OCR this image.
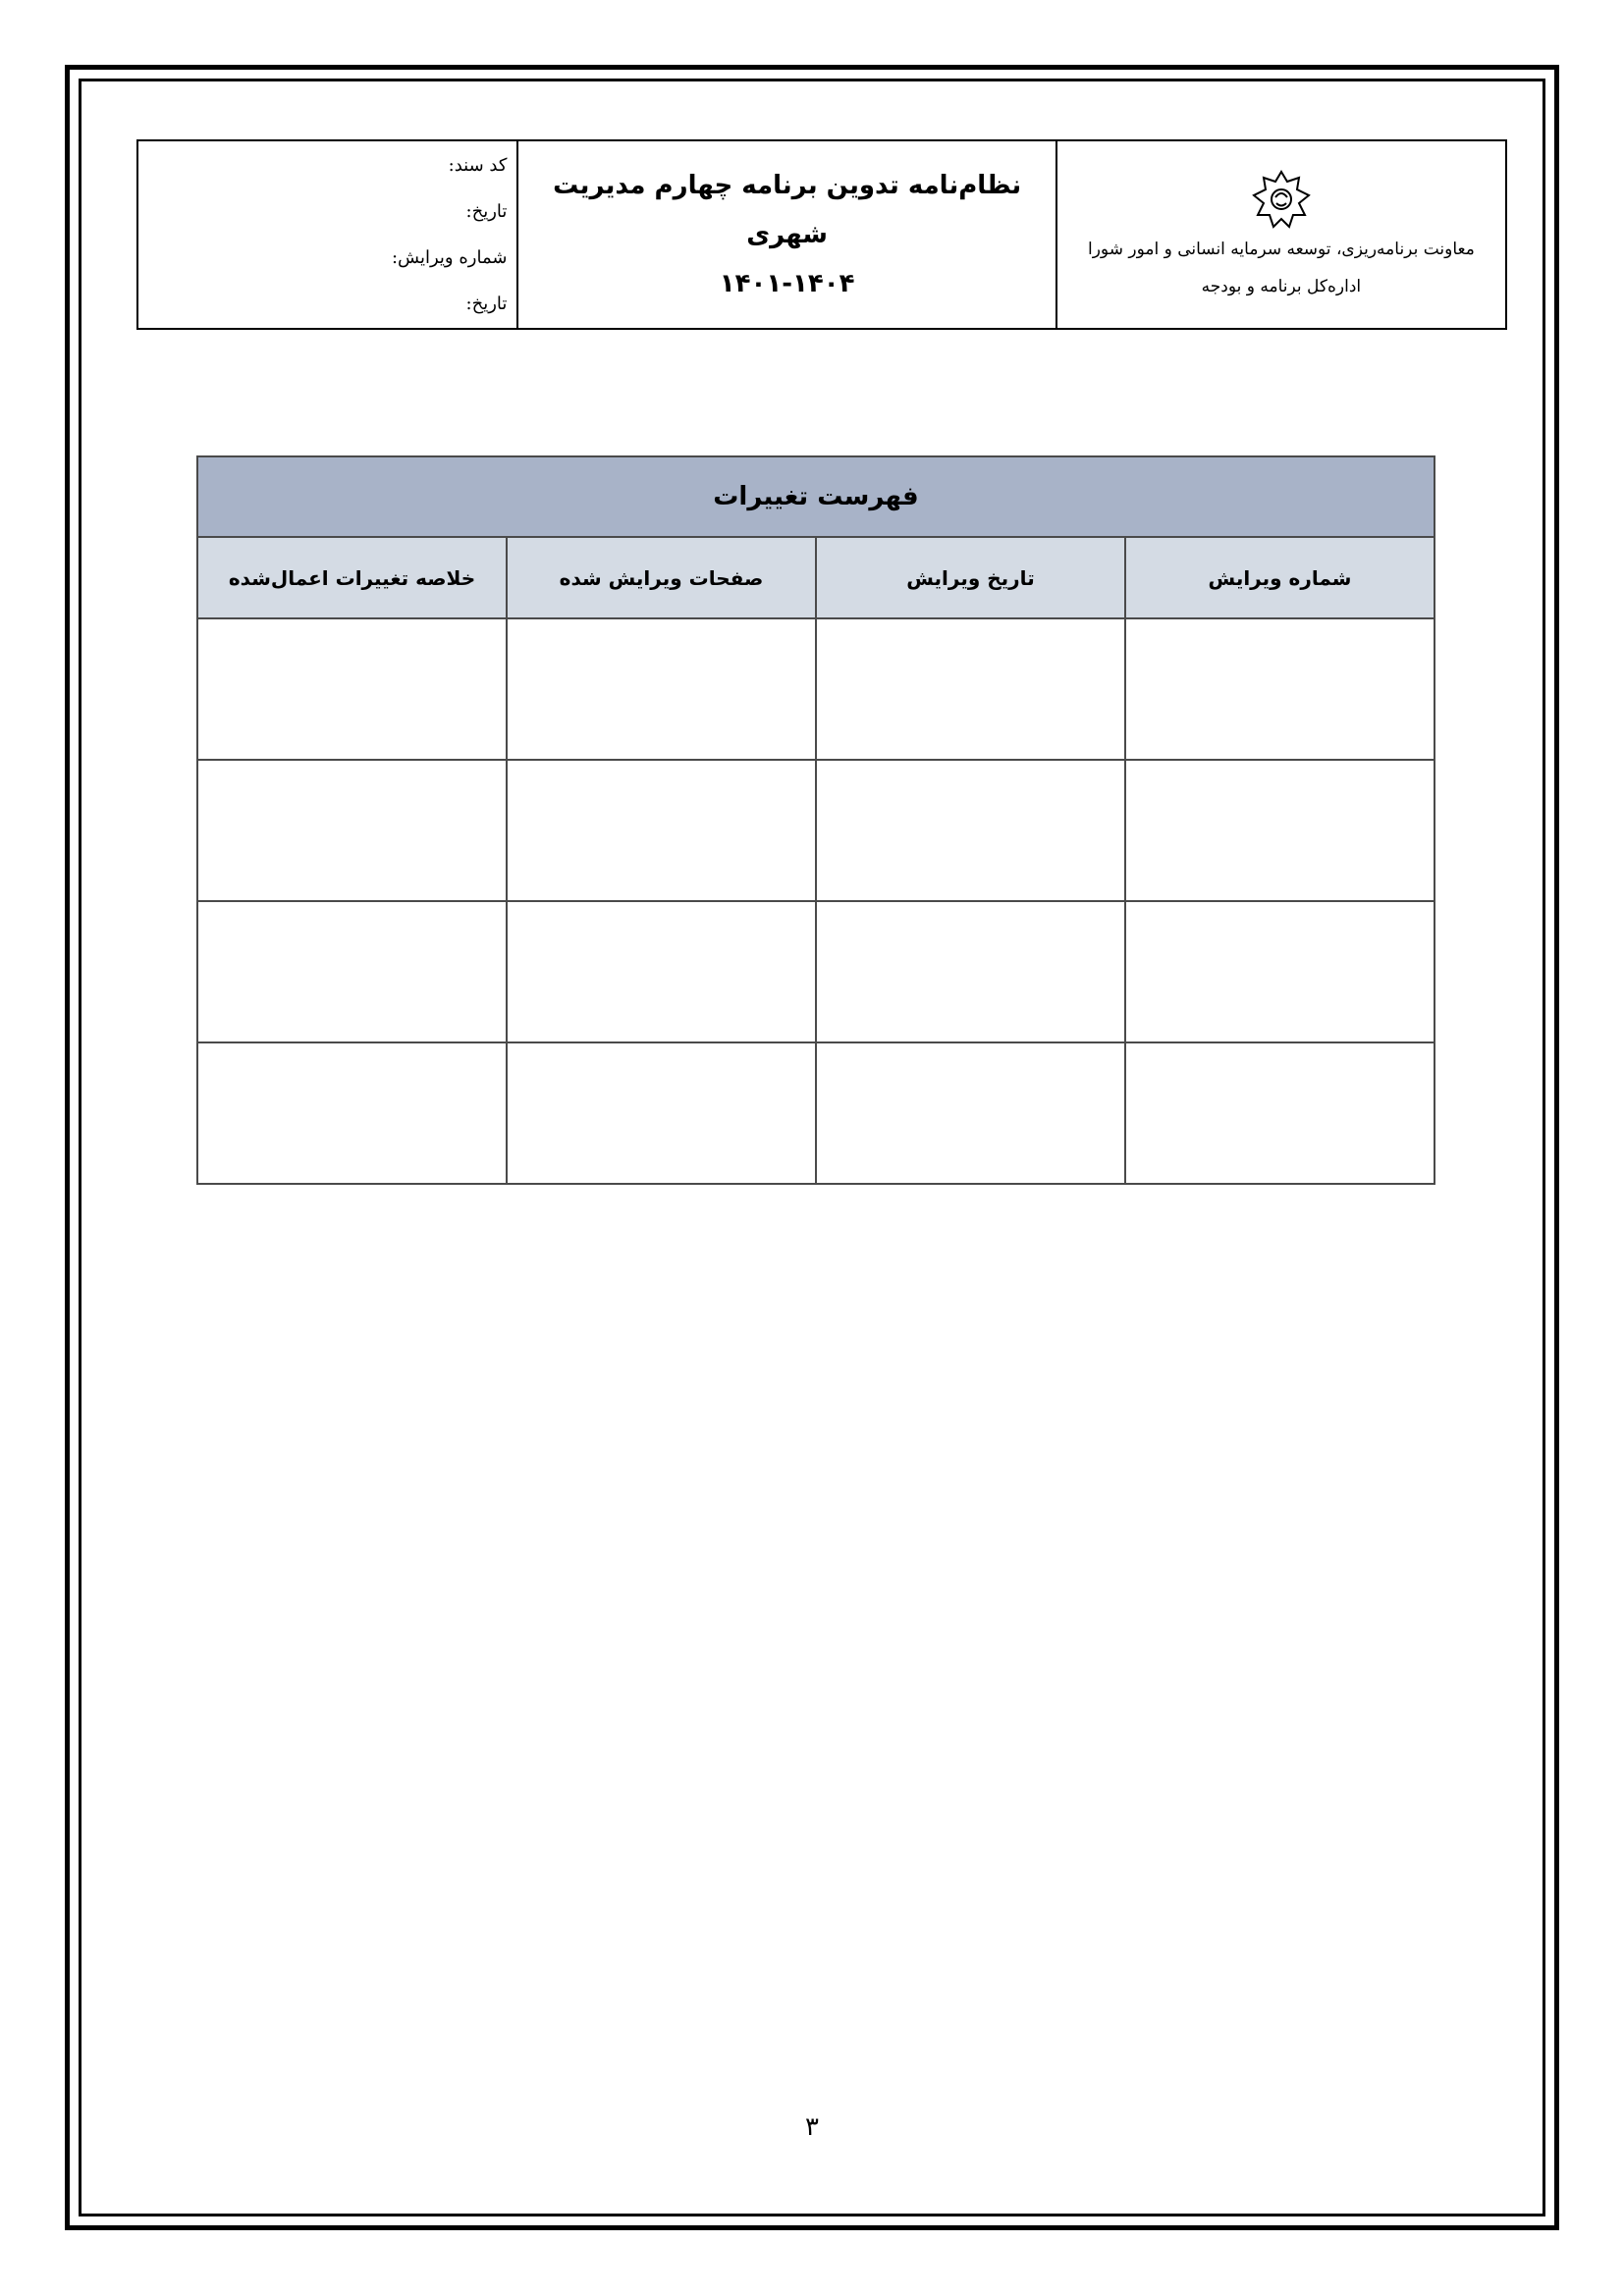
معاونت برنامه‌ریزی، توسعه سرمایه انسانی و امور شورا
اداره‌کل برنامه و بودجه

نظام‌نامه تدوین برنامه چهارم مدیریت شهری
۱۴۰۱-۱۴۰۴

کد سند:
تاریخ:
شماره ویرایش:
تاریخ:
فهرست تغییرات			
شماره ویرایش	تاریخ ویرایش	صفحات ویرایش شده	خلاصه تغییرات اعمال‌شده

۳
